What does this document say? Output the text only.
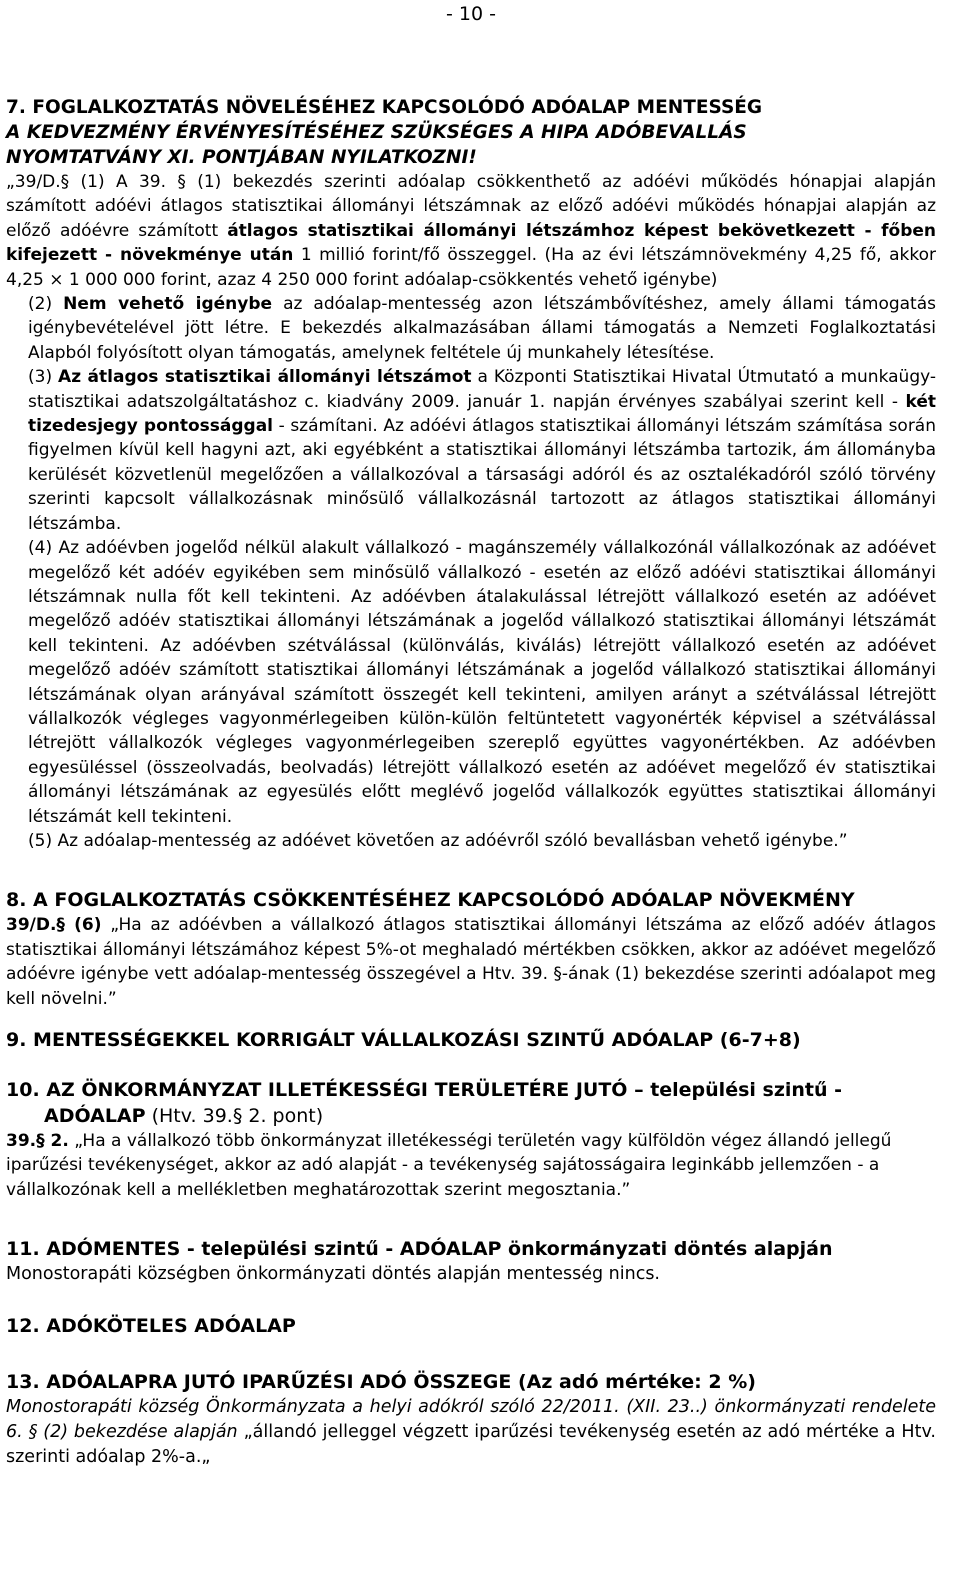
- 10 -
7. FOGLALKOZTATÁS NÖVELÉSÉHEZ KAPCSOLÓDÓ ADÓALAP MENTESSÉG
A KEDVEZMÉNY ÉRVÉNYESÍTÉSÉHEZ SZÜKSÉGES A HIPA ADÓBEVALLÁS
NYOMTATVÁNY XI. PONTJÁBAN NYILATKOZNI!

„39/D.§ (1) A 39. § (1) bekezdés szerinti adóalap csökkenthető az adóévi működés hónapjai alapján számított adóévi átlagos statisztikai állományi létszámnak az előző adóévi működés hónapjai alapján az előző adóévre számított átlagos statisztikai állományi létszámhoz képest bekövetkezett - főben kifejezett - növekménye után 1 millió forint/fő összeggel. (Ha az évi létszámnövekmény 4,25 fő, akkor 4,25 × 1 000 000 forint, azaz 4 250 000 forint adóalap-csökkentés vehető igénybe)

(2) Nem vehető igénybe az adóalap-mentesség azon létszámbővítéshez, amely állami támogatás igénybevételével jött létre. E bekezdés alkalmazásában állami támogatás a Nemzeti Foglalkoztatási Alapból folyósított olyan támogatás, amelynek feltétele új munkahely létesítése.

(3) Az átlagos statisztikai állományi létszámot a Központi Statisztikai Hivatal Útmutató a munkaügy-statisztikai adatszolgáltatáshoz c. kiadvány 2009. január 1. napján érvényes szabályai szerint kell - két tizedesjegy pontossággal - számítani. Az adóévi átlagos statisztikai állományi létszám számítása során figyelmen kívül kell hagyni azt, aki egyébként a statisztikai állományi létszámba tartozik, ám állományba kerülését közvetlenül megelőzően a vállalkozóval a társasági adóról és az osztalékadóról szóló törvény szerinti kapcsolt vállalkozásnak minősülő vállalkozásnál tartozott az átlagos statisztikai állományi létszámba.

(4) Az adóévben jogelőd nélkül alakult vállalkozó - magánszemély vállalkozónál vállalkozónak az adóévet megelőző két adóév egyikében sem minősülő vállalkozó - esetén az előző adóévi statisztikai állományi létszámnak nulla főt kell tekinteni. Az adóévben átalakulással létrejött vállalkozó esetén az adóévet megelőző adóév statisztikai állományi létszámának a jogelőd vállalkozó statisztikai állományi létszámát kell tekinteni. Az adóévben szétválással (különválás, kiválás) létrejött vállalkozó esetén az adóévet megelőző adóév számított statisztikai állományi létszámának a jogelőd vállalkozó statisztikai állományi létszámának olyan arányával számított összegét kell tekinteni, amilyen arányt a szétválással létrejött vállalkozók végleges vagyonmérlegeiben külön-külön feltüntetett vagyonérték képvisel a szétválással létrejött vállalkozók végleges vagyonmérlegeiben szereplő együttes vagyonértékben. Az adóévben egyesüléssel (összeolvadás, beolvadás) létrejött vállalkozó esetén az adóévet megelőző év statisztikai állományi létszámának az egyesülés előtt meglévő jogelőd vállalkozók együttes statisztikai állományi létszámát kell tekinteni.

(5) Az adóalap-mentesség az adóévet követően az adóévről szóló bevallásban vehető igénybe.”

8. A FOGLALKOZTATÁS CSÖKKENTÉSÉHEZ KAPCSOLÓDÓ ADÓALAP NÖVEKMÉNY

39/D.§ (6) „Ha az adóévben a vállalkozó átlagos statisztikai állományi létszáma az előző adóév átlagos statisztikai állományi létszámához képest 5%-ot meghaladó mértékben csökken, akkor az adóévet megelőző adóévre igénybe vett adóalap-mentesség összegével a Htv. 39. §-ának (1) bekezdése szerinti adóalapot meg kell növelni.”

9. MENTESSÉGEKKEL KORRIGÁLT VÁLLALKOZÁSI SZINTŰ ADÓALAP (6-7+8)
10. AZ ÖNKORMÁNYZAT ILLETÉKESSÉGI TERÜLETÉRE JUTÓ – települési szintű -
ADÓALAP (Htv. 39.§ 2. pont)

39.§ 2. „Ha a vállalkozó több önkormányzat illetékességi területén vagy külföldön végez állandó jellegű iparűzési tevékenységet, akkor az adó alapját - a tevékenység sajátosságaira leginkább jellemzően - a vállalkozónak kell a mellékletben meghatározottak szerint megosztania.”

11. ADÓMENTES - települési szintű - ADÓALAP önkormányzati döntés alapján

Monostorapáti községben önkormányzati döntés alapján mentesség nincs.

12. ADÓKÖTELES ADÓALAP
13. ADÓALAPRA JUTÓ IPARŰZÉSI ADÓ ÖSSZEGE (Az adó mértéke: 2 %)

Monostorapáti község Önkormányzata a helyi adókról szóló 22/2011. (XII. 23..) önkormányzati rendelete 6. § (2) bekezdése alapján „állandó jelleggel végzett iparűzési tevékenység esetén az adó mértéke a Htv. szerinti adóalap 2%-a.„
